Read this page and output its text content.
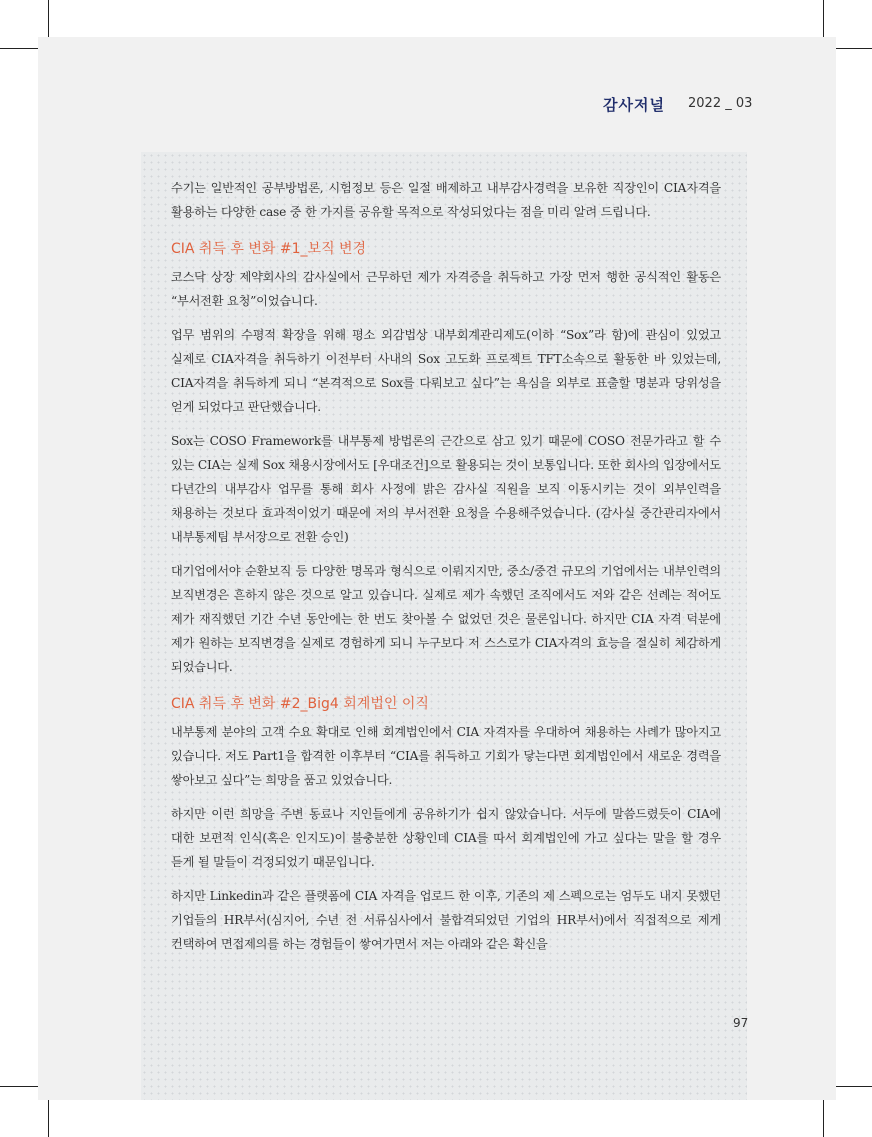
감사저널 2022 _ 03

수기는 일반적인 공부방법론, 시험정보 등은 일절 배제하고 내부감사경력을 보유한 직장인이 CIA자격을 활용하는 다양한 case 중 한 가지를 공유할 목적으로 작성되었다는 점을 미리 알려 드립니다.

CIA 취득 후 변화 #1_보직 변경

코스닥 상장 제약회사의 감사실에서 근무하던 제가 자격증을 취득하고 가장 먼저 행한 공식적인 활동은 “부서전환 요청”이었습니다.

업무 범위의 수평적 확장을 위해 평소 외감법상 내부회계관리제도(이하 “Sox”라 함)에 관심이 있었고 실제로 CIA자격을 취득하기 이전부터 사내의 Sox 고도화 프로젝트 TFT소속으로 활동한 바 있었는데, CIA자격을 취득하게 되니 “본격적으로 Sox를 다뤄보고 싶다”는 욕심을 외부로 표출할 명분과 당위성을 얻게 되었다고 판단했습니다.

Sox는 COSO Framework를 내부통제 방법론의 근간으로 삼고 있기 때문에 COSO 전문가라고 할 수 있는 CIA는 실제 Sox 채용시장에서도 [우대조건]으로 활용되는 것이 보통입니다. 또한 회사의 입장에서도 다년간의 내부감사 업무를 통해 회사 사정에 밝은 감사실 직원을 보직 이동시키는 것이 외부인력을 채용하는 것보다 효과적이었기 때문에 저의 부서전환 요청을 수용해주었습니다. (감사실 중간관리자에서 내부통제팀 부서장으로 전환 승인)

대기업에서야 순환보직 등 다양한 명목과 형식으로 이뤄지지만, 중소/중견 규모의 기업에서는 내부인력의 보직변경은 흔하지 않은 것으로 알고 있습니다. 실제로 제가 속했던 조직에서도 저와 같은 선례는 적어도 제가 재직했던 기간 수년 동안에는 한 번도 찾아볼 수 없었던 것은 물론입니다. 하지만 CIA 자격 덕분에 제가 원하는 보직변경을 실제로 경험하게 되니 누구보다 저 스스로가 CIA자격의 효능을 절실히 체감하게 되었습니다.

CIA 취득 후 변화 #2_Big4 회계법인 이직

내부통제 분야의 고객 수요 확대로 인해 회계법인에서 CIA 자격자를 우대하여 채용하는 사례가 많아지고 있습니다. 저도 Part1을 합격한 이후부터 “CIA를 취득하고 기회가 닿는다면 회계법인에서 새로운 경력을 쌓아보고 싶다”는 희망을 품고 있었습니다.

하지만 이런 희망을 주변 동료나 지인들에게 공유하기가 쉽지 않았습니다. 서두에 말씀드렸듯이 CIA에 대한 보편적 인식(혹은 인지도)이 불충분한 상황인데 CIA를 따서 회계법인에 가고 싶다는 말을 할 경우 듣게 될 말들이 걱정되었기 때문입니다.

하지만 Linkedin과 같은 플랫폼에 CIA 자격을 업로드 한 이후, 기존의 제 스펙으로는 엄두도 내지 못했던 기업들의 HR부서(심지어, 수년 전 서류심사에서 불합격되었던 기업의 HR부서)에서 직접적으로 제게 컨택하여 면접제의를 하는 경험들이 쌓여가면서 저는 아래와 같은 확신을

97
